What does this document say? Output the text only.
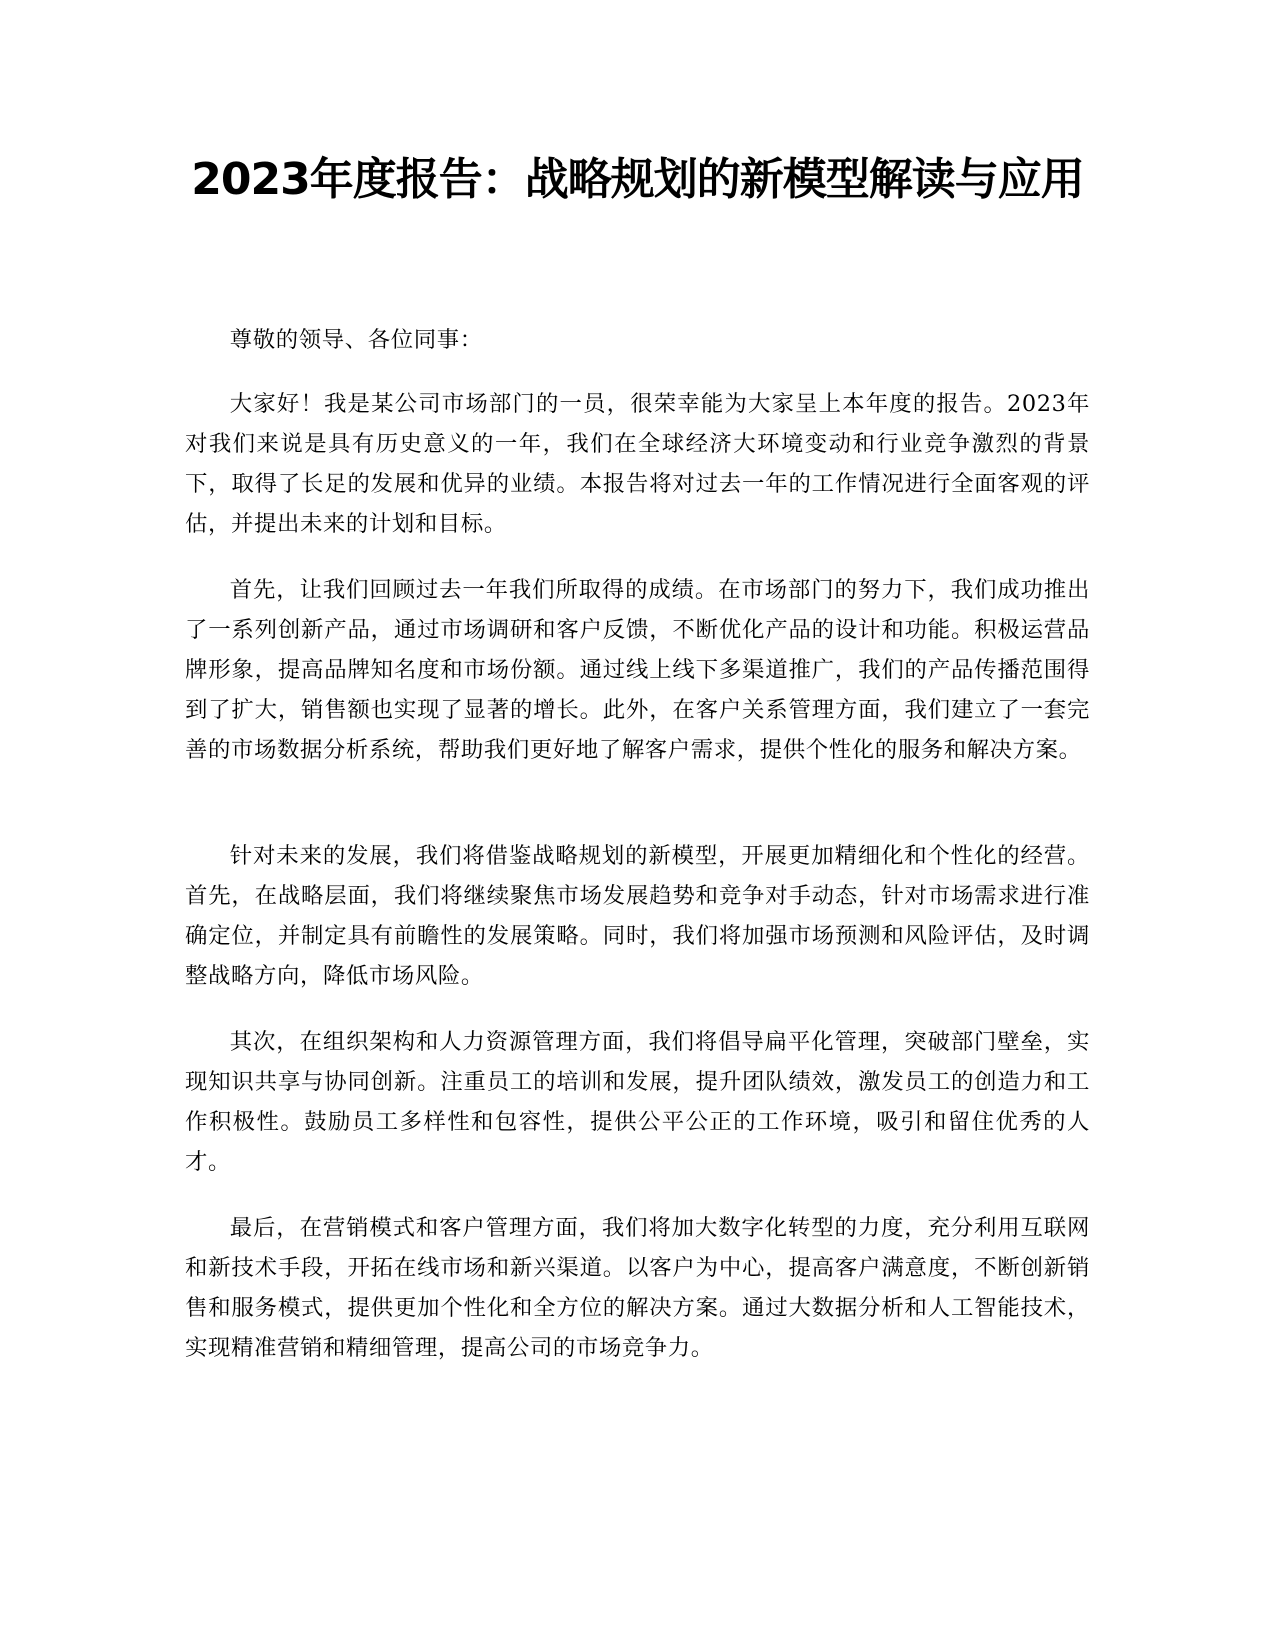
2023年度报告：战略规划的新模型解读与应用

尊敬的领导、各位同事：

大家好！我是某公司市场部门的一员，很荣幸能为大家呈上本年度的报告。2023年对我们来说是具有历史意义的一年，我们在全球经济大环境变动和行业竞争激烈的背景下，取得了长足的发展和优异的业绩。本报告将对过去一年的工作情况进行全面客观的评估，并提出未来的计划和目标。

首先，让我们回顾过去一年我们所取得的成绩。在市场部门的努力下，我们成功推出了一系列创新产品，通过市场调研和客户反馈，不断优化产品的设计和功能。积极运营品牌形象，提高品牌知名度和市场份额。通过线上线下多渠道推广，我们的产品传播范围得到了扩大，销售额也实现了显著的增长。此外，在客户关系管理方面，我们建立了一套完善的市场数据分析系统，帮助我们更好地了解客户需求，提供个性化的服务和解决方案。

针对未来的发展，我们将借鉴战略规划的新模型，开展更加精细化和个性化的经营。首先，在战略层面，我们将继续聚焦市场发展趋势和竞争对手动态，针对市场需求进行准确定位，并制定具有前瞻性的发展策略。同时，我们将加强市场预测和风险评估，及时调整战略方向，降低市场风险。

其次，在组织架构和人力资源管理方面，我们将倡导扁平化管理，突破部门壁垒，实现知识共享与协同创新。注重员工的培训和发展，提升团队绩效，激发员工的创造力和工作积极性。鼓励员工多样性和包容性，提供公平公正的工作环境，吸引和留住优秀的人才。

最后，在营销模式和客户管理方面，我们将加大数字化转型的力度，充分利用互联网和新技术手段，开拓在线市场和新兴渠道。以客户为中心，提高客户满意度，不断创新销售和服务模式，提供更加个性化和全方位的解决方案。通过大数据分析和人工智能技术，实现精准营销和精细管理，提高公司的市场竞争力。
